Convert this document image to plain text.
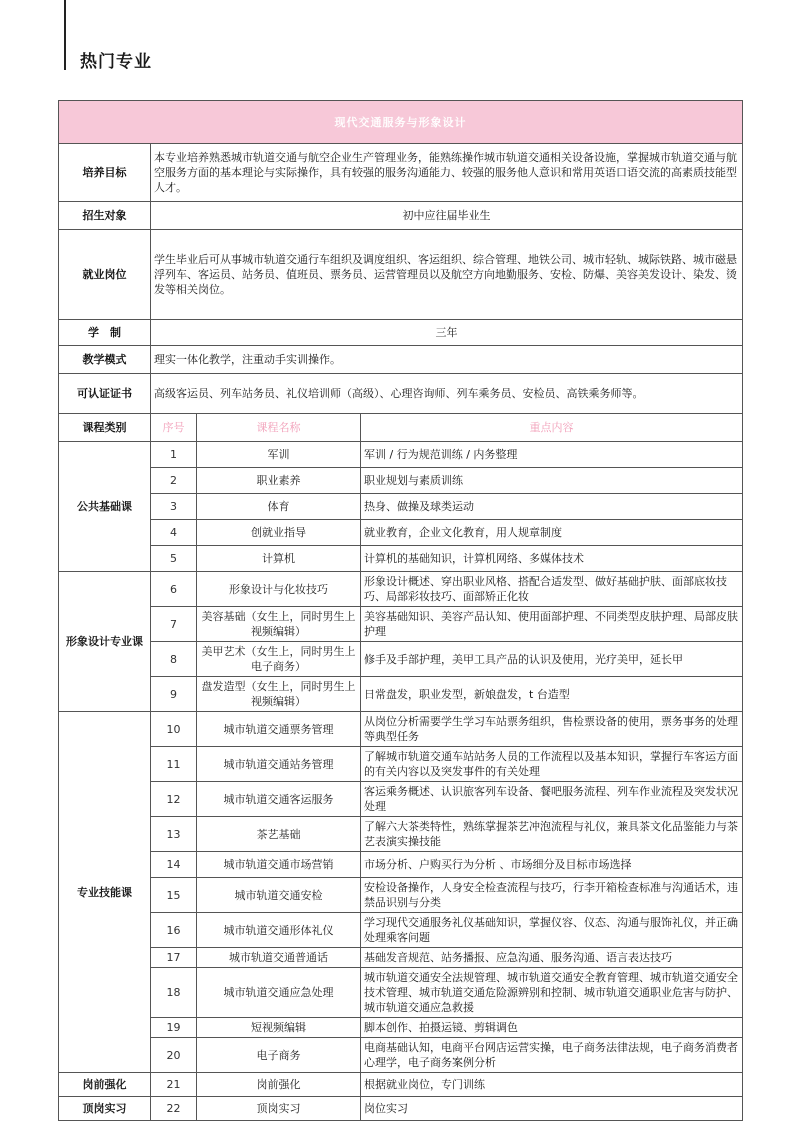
热门专业
现代交通服务与形象设计			
培养目标	本专业培养熟悉城市轨道交通与航空企业生产管理业务，能熟练操作城市轨道交通相关设备设施，掌握城市轨道交通与航空服务方面的基本理论与实际操作，具有较强的服务沟通能力、较强的服务他人意识和常用英语口语交流的高素质技能型人才。		
招生对象	初中应往届毕业生		
就业岗位	学生毕业后可从事城市轨道交通行车组织及调度组织、客运组织、综合管理、地铁公司、城市轻轨、城际铁路、城市磁悬浮列车、客运员、站务员、值班员、票务员、运营管理员以及航空方向地勤服务、安检、防爆、美容美发设计、染发、烫发等相关岗位。		
学　制	三年		
教学模式	理实一体化教学，注重动手实训操作。		
可认证证书	高级客运员、列车站务员、礼仪培训师（高级）、心理咨询师、列车乘务员、安检员、高铁乘务师等。		
课程类别	序号	课程名称	重点内容
公共基础课	1	军训	军训 / 行为规范训练 / 内务整理
	2	职业素养	职业规划与素质训练
	3	体育	热身、做操及球类运动
	4	创就业指导	就业教育，企业文化教育，用人规章制度
	5	计算机	计算机的基础知识，计算机网络、多媒体技术
形象设计专业课	6	形象设计与化妆技巧	形象设计概述、穿出职业风格、搭配合适发型、做好基础护肤、面部底妆技巧、局部彩妆技巧、面部矫正化妆
	7	美容基础（女生上，同时男生上视频编辑）	美容基础知识、美容产品认知、使用面部护理、不同类型皮肤护理、局部皮肤护理
	8	美甲艺术（女生上，同时男生上电子商务）	修手及手部护理，美甲工具产品的认识及使用，光疗美甲，延长甲
	9	盘发造型（女生上，同时男生上视频编辑）	日常盘发，职业发型，新娘盘发，t 台造型
专业技能课	10	城市轨道交通票务管理	从岗位分析需要学生学习车站票务组织，售检票设备的使用，票务事务的处理等典型任务
	11	城市轨道交通站务管理	了解城市轨道交通车站站务人员的工作流程以及基本知识，掌握行车客运方面的有关内容以及突发事件的有关处理
	12	城市轨道交通客运服务	客运乘务概述、认识旅客列车设备、餐吧服务流程、列车作业流程及突发状况处理
	13	茶艺基础	了解六大茶类特性，熟练掌握茶艺冲泡流程与礼仪，兼具茶文化品鉴能力与茶艺表演实操技能
	14	城市轨道交通市场营销	市场分析、户购买行为分析 、市场细分及目标市场选择
	15	城市轨道交通安检	安检设备操作，人身安全检查流程与技巧，行李开箱检查标准与沟通话术，违禁品识别与分类
	16	城市轨道交通形体礼仪	学习现代交通服务礼仪基础知识，掌握仪容、仪态、沟通与服饰礼仪，并正确处理乘客问题
	17	城市轨道交通普通话	基础发音规范、站务播报、应急沟通、服务沟通、语言表达技巧
	18	城市轨道交通应急处理	城市轨道交通安全法规管理、城市轨道交通安全教育管理、城市轨道交通安全技术管理、城市轨道交通危险源辨别和控制、城市轨道交通职业危害与防护、城市轨道交通应急救援
	19	短视频编辑	脚本创作、拍摄运镜、剪辑调色
	20	电子商务	电商基础认知，电商平台网店运营实操，电子商务法律法规，电子商务消费者心理学，电子商务案例分析
岗前强化	21	岗前强化	根据就业岗位，专门训练
顶岗实习	22	顶岗实习	岗位实习
